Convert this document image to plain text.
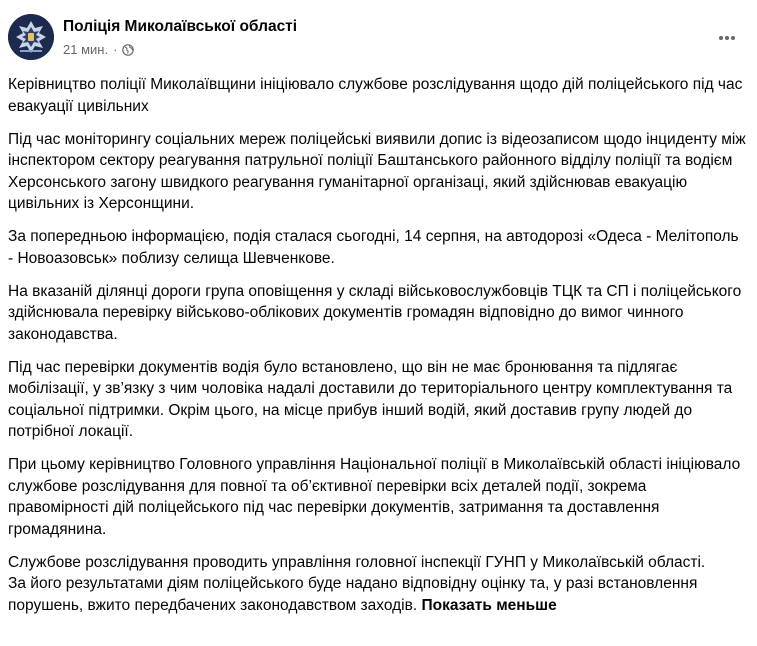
Поліція Миколаївської області
21 мин. ·

Керівництво поліції Миколаївщини ініціювало службове розслідування щодо дій поліцейського під час евакуації цивільних

Під час моніторингу соціальних мереж поліцейські виявили допис із відеозаписом щодо інциденту між інспектором сектору реагування патрульної поліції Баштанського районного відділу поліції та водієм Херсонського загону швидкого реагування гуманітарної організаці, який здійснював евакуацію цивільних із Херсонщини.

За попередньою інформацією, подія сталася сьогодні, 14 серпня, на автодорозі «Одеса - Мелітополь - Новоазовськ» поблизу селища Шевченкове.

На вказаній ділянці дороги група оповіщення у складі військовослужбовців ТЦК та СП і поліцейського здійснювала перевірку військово-облікових документів громадян відповідно до вимог чинного законодавства.

Під час перевірки документів водія було встановлено, що він не має бронювання та підлягає мобілізації, у зв’язку з чим чоловіка надалі доставили до територіального центру комплектування та соціальної підтримки. Окрім цього, на місце прибув інший водій, який доставив групу людей до потрібної локації.

При цьому керівництво Головного управління Національної поліції в Миколаївській області ініціювало службове розслідування для повної та об’єктивної перевірки всіх деталей події, зокрема правомірності дій поліцейського під час перевірки документів, затримання та доставлення громадянина.

Службове розслідування проводить управління головної інспекції ГУНП у Миколаївській області.

За його результатами діям поліцейського буде надано відповідну оцінку та, у разі встановлення порушень, вжито передбачених законодавством заходів. Показать меньше
